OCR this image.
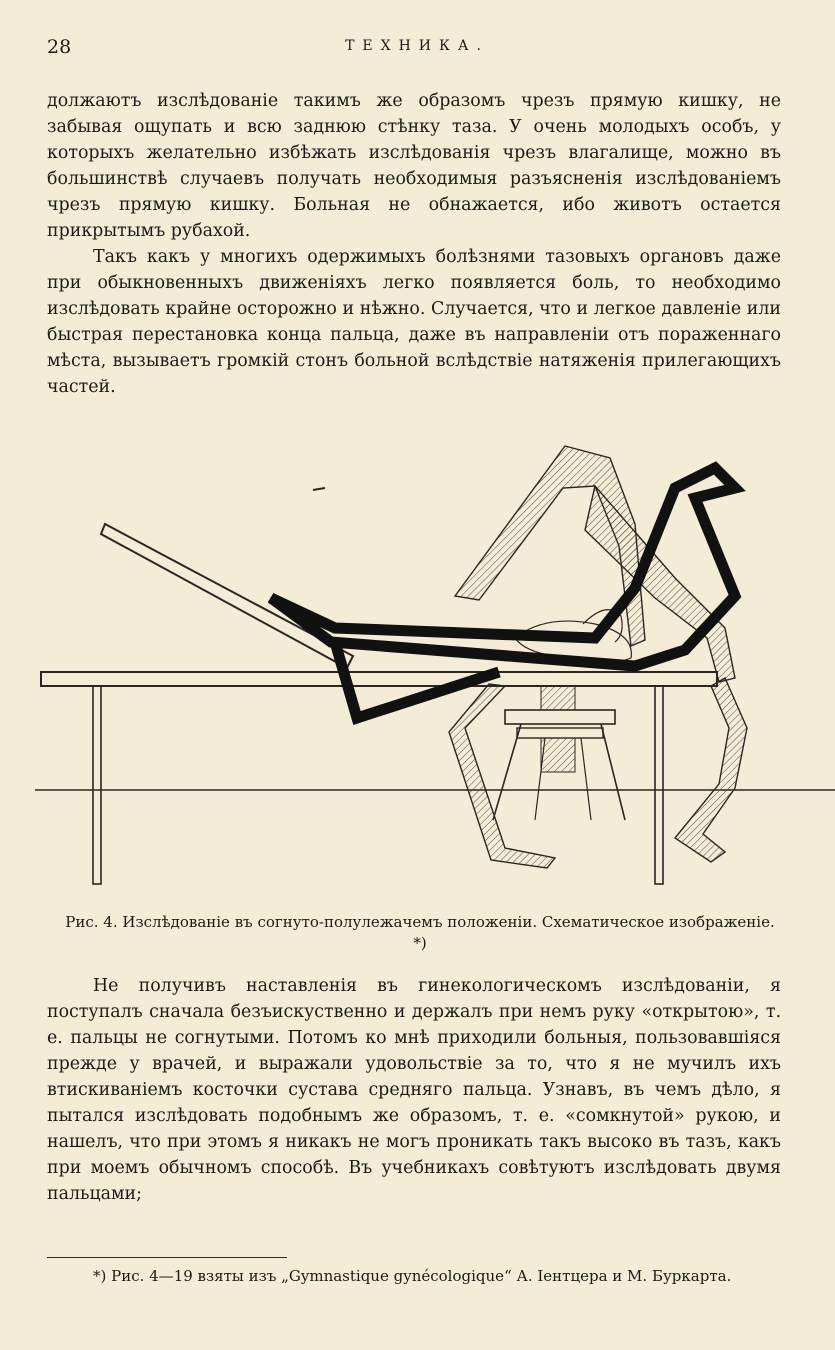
28	ТЕХНИКА.

должаютъ изслѣдованіе такимъ же образомъ чрезъ прямую кишку, не забывая ощупать и всю заднюю стѣнку таза. У очень молодыхъ особъ, у которыхъ желательно избѣжать изслѣдованія чрезъ влагалище, можно въ большинствѣ случаевъ получать необходимыя разъясненія изслѣдованіемъ чрезъ прямую кишку. Больная не обнажается, ибо животъ остается прикрытымъ рубахой.

Такъ какъ у многихъ одержимыхъ болѣзнями тазовыхъ органовъ даже при обыкновенныхъ движеніяхъ легко появляется боль, то необходимо изслѣдовать крайне осторожно и нѣжно. Случается, что и легкое давленіе или быстрая перестановка конца пальца, даже въ направленіи отъ пораженнаго мѣста, вызываетъ громкій стонъ больной вслѣдствіе натяженія прилегающихъ частей.

Рис. 4. Изслѣдованіе въ согнуто-полулежачемъ положеніи. Схематическое изображеніе. *)

Не получивъ наставленія въ гинекологическомъ изслѣдованіи, я поступалъ сначала безъискуственно и держалъ при немъ руку «открытою», т. е. пальцы не согнутыми. Потомъ ко мнѣ приходили больныя, пользовавшіяся прежде у врачей, и выражали удовольствіе за то, что я не мучилъ ихъ втискиваніемъ косточки сустава средняго пальца. Узнавъ, въ чемъ дѣло, я пытался изслѣдовать подобнымъ же образомъ, т. е. «сомкнутой» рукою, и нашелъ, что при этомъ я никакъ не могъ проникать такъ высоко въ тазъ, какъ при моемъ обычномъ способѣ. Въ учебникахъ совѣтуютъ изслѣдовать двумя пальцами;

*) Рис. 4—19 взяты изъ „Gymnastique gynécologique“ А. Іентцера и М. Буркарта.
